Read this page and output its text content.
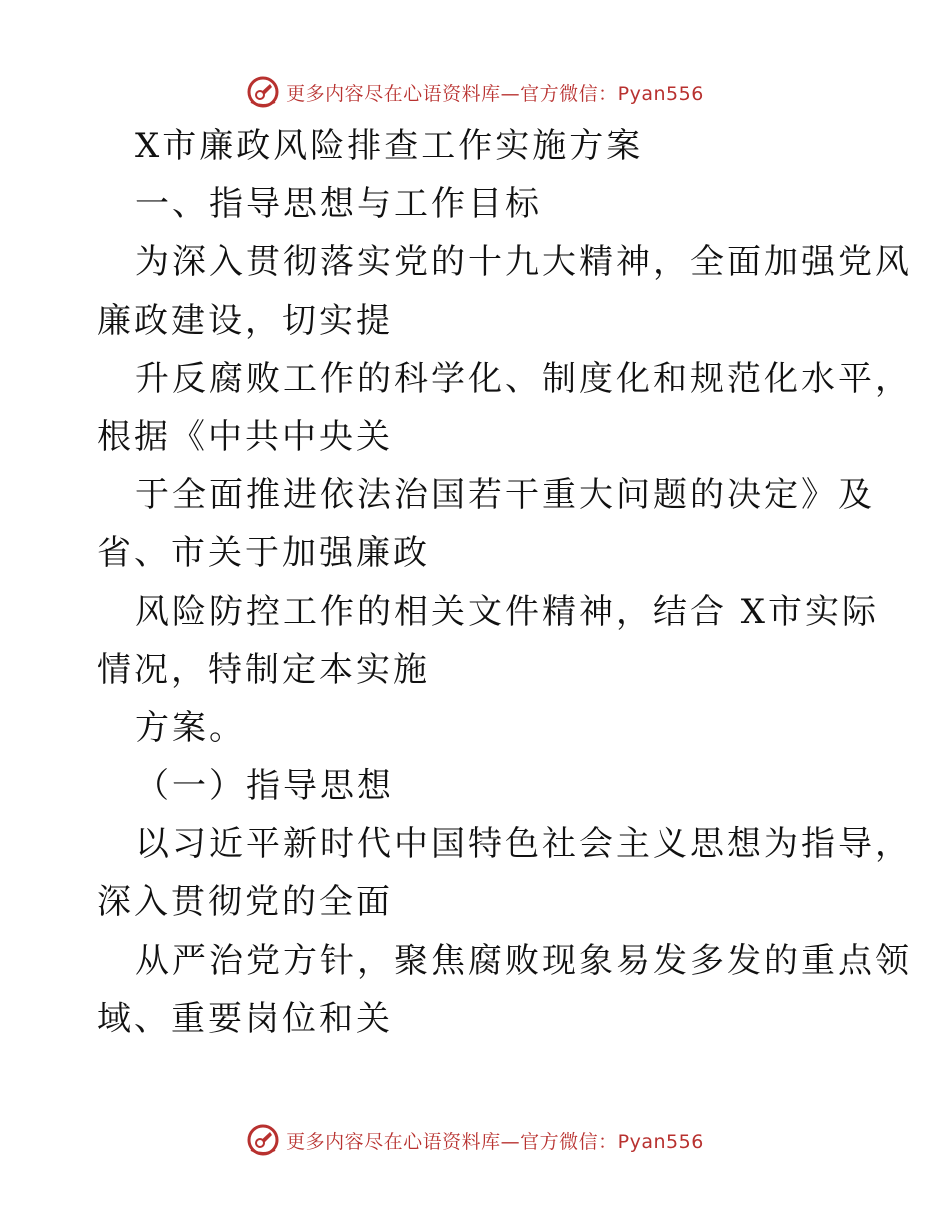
更多内容尽在心语资料库—官方微信：Pyan556
X市廉政风险排查工作实施方案
一、指导思想与工作目标
为深入贯彻落实党的十九大精神，全面加强党风
廉政建设，切实提
升反腐败工作的科学化、制度化和规范化水平，
根据《中共中央关
于全面推进依法治国若干重大问题的决定》及
省、市关于加强廉政
风险防控工作的相关文件精神，结合 X市实际
情况，特制定本实施
方案。
（一）指导思想
以习近平新时代中国特色社会主义思想为指导，
深入贯彻党的全面
从严治党方针，聚焦腐败现象易发多发的重点领
域、重要岗位和关
更多内容尽在心语资料库—官方微信：Pyan556
